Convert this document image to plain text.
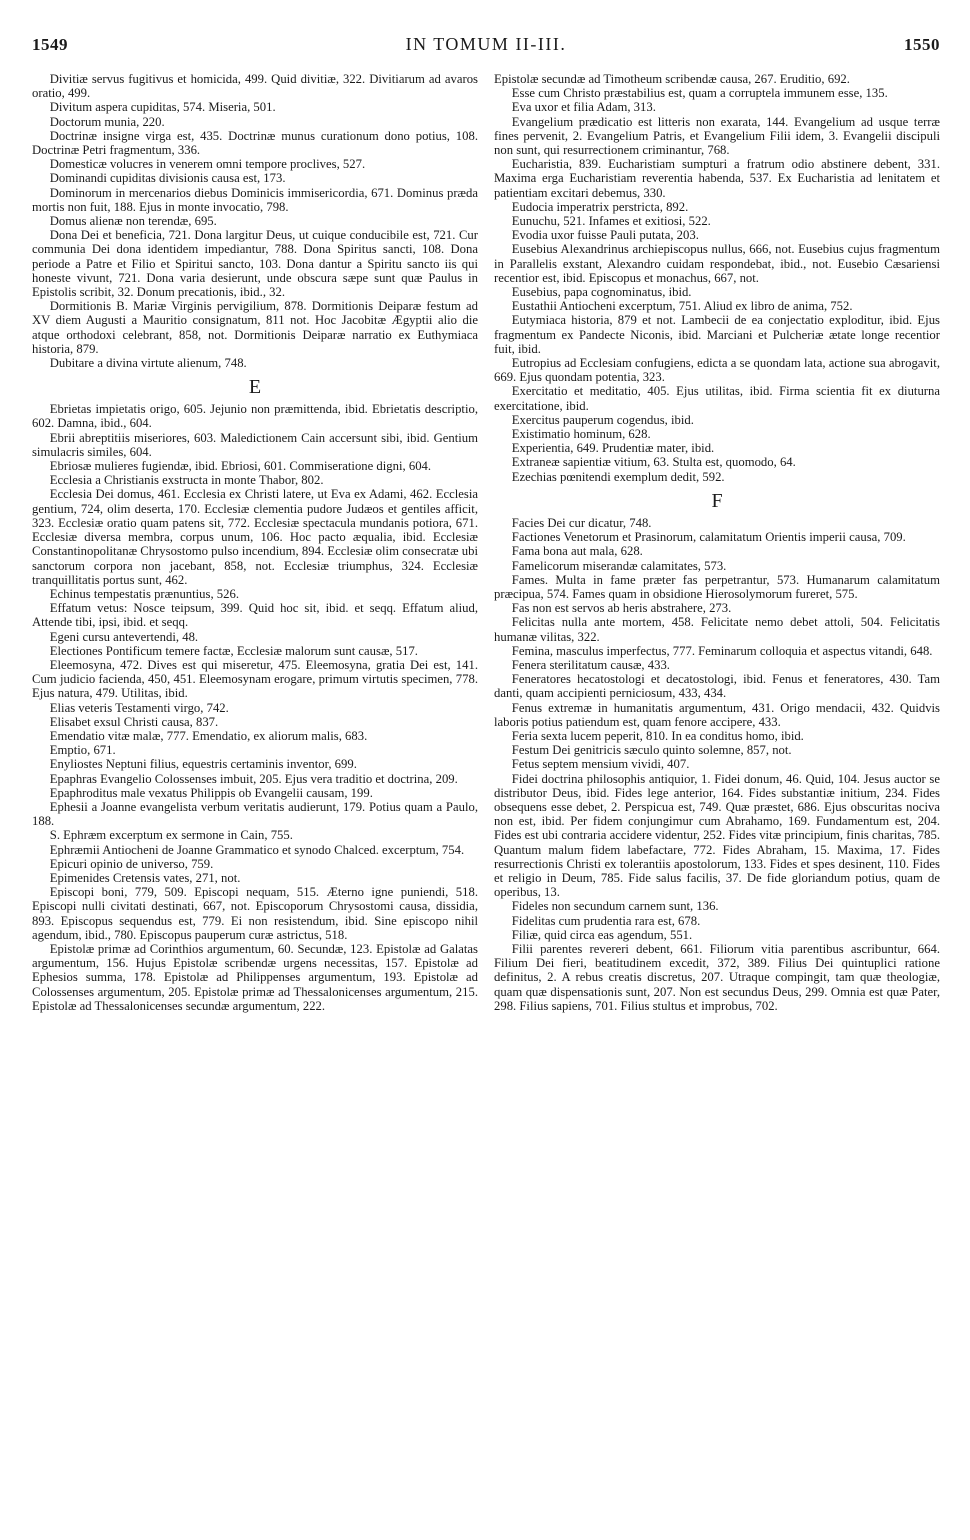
1549	IN TOMUM II-III.	1550

Divitiæ servus fugitivus et homicida, 499. Quid divitiæ, 322. Divitiarum ad avaros oratio, 499.

Divitum aspera cupiditas, 574. Miseria, 501.

Doctorum munia, 220.

Doctrinæ insigne virga est, 435. Doctrinæ munus curationum dono potius, 108. Doctrinæ Petri fragmentum, 336.

Domesticæ volucres in venerem omni tempore proclives, 527.

Dominandi cupiditas divisionis causa est, 173.

Dominorum in mercenarios diebus Dominicis immisericordia, 671. Dominus præda mortis non fuit, 188. Ejus in monte invocatio, 798.

Domus alienæ non terendæ, 695.

Dona Dei et beneficia, 721. Dona largitur Deus, ut cuique conducibile est, 721. Cur communia Dei dona identidem impediantur, 788. Dona Spiritus sancti, 108. Dona periode a Patre et Filio et Spiritui sancto, 103. Dona dantur a Spiritu sancto iis qui honeste vivunt, 721. Dona varia desierunt, unde obscura sæpe sunt quæ Paulus in Epistolis scribit, 32. Donum precationis, ibid., 32.

Dormitionis B. Mariæ Virginis pervigilium, 878. Dormitionis Deiparæ festum ad XV diem Augusti a Mauritio consignatum, 811 not. Hoc Jacobitæ Ægyptii alio die atque orthodoxi celebrant, 858, not. Dormitionis Deiparæ narratio ex Euthymiaca historia, 879.

Dubitare a divina virtute alienum, 748.

E

Ebrietas impietatis origo, 605. Jejunio non præmittenda, ibid. Ebrietatis descriptio, 602. Damna, ibid., 604.

Ebrii abreptitiis miseriores, 603. Maledictionem Cain accersunt sibi, ibid. Gentium simulacris similes, 604.

Ebriosæ mulieres fugiendæ, ibid. Ebriosi, 601. Commiseratione digni, 604.

Ecclesia a Christianis exstructa in monte Thabor, 802.

Ecclesia Dei domus, 461. Ecclesia ex Christi latere, ut Eva ex Adami, 462. Ecclesia gentium, 724, olim deserta, 170. Ecclesiæ clementia pudore Judæos et gentiles afficit, 323. Ecclesiæ oratio quam patens sit, 772. Ecclesiæ spectacula mundanis potiora, 671. Ecclesiæ diversa membra, corpus unum, 106. Hoc pacto æqualia, ibid. Ecclesiæ Constantinopolitanæ Chrysostomo pulso incendium, 894. Ecclesiæ olim consecratæ ubi sanctorum corpora non jacebant, 858, not. Ecclesiæ triumphus, 324. Ecclesiæ tranquillitatis portus sunt, 462.

Echinus tempestatis prænuntius, 526.

Effatum vetus: Nosce teipsum, 399. Quid hoc sit, ibid. et seqq. Effatum aliud, Attende tibi, ipsi, ibid. et seqq.

Egeni cursu antevertendi, 48.

Electiones Pontificum temere factæ, Ecclesiæ malorum sunt causæ, 517.

Eleemosyna, 472. Dives est qui miseretur, 475. Eleemosyna, gratia Dei est, 141. Cum judicio facienda, 450, 451. Eleemosynam erogare, primum virtutis specimen, 778. Ejus natura, 479. Utilitas, ibid.

Elias veteris Testamenti virgo, 742.

Elisabet exsul Christi causa, 837.

Emendatio vitæ malæ, 777. Emendatio, ex aliorum malis, 683.

Emptio, 671.

Enyliostes Neptuni filius, equestris certaminis inventor, 699.

Epaphras Evangelio Colossenses imbuit, 205. Ejus vera traditio et doctrina, 209.

Epaphroditus male vexatus Philippis ob Evangelii causam, 199.

Ephesii a Joanne evangelista verbum veritatis audierunt, 179. Potius quam a Paulo, 188.

S. Ephræm excerptum ex sermone in Cain, 755.

Ephræmii Antiocheni de Joanne Grammatico et synodo Chalced. excerptum, 754.

Epicuri opinio de universo, 759.

Epimenides Cretensis vates, 271, not.

Episcopi boni, 779, 509. Episcopi nequam, 515. Æterno igne puniendi, 518. Episcopi nulli civitati destinati, 667, not. Episcoporum Chrysostomi causa, dissidia, 893. Episcopus sequendus est, 779. Ei non resistendum, ibid. Sine episcopo nihil agendum, ibid., 780. Episcopus pauperum curæ astrictus, 518.

Epistolæ primæ ad Corinthios argumentum, 60. Secundæ, 123. Epistolæ ad Galatas argumentum, 156. Hujus Epistolæ scribendæ urgens necessitas, 157. Epistolæ ad Ephesios summa, 178. Epistolæ ad Philippenses argumentum, 193. Epistolæ ad Colossenses argumentum, 205. Epistolæ primæ ad Thessalonicenses argumentum, 215. Epistolæ ad Thessalonicenses secundæ argumentum, 222.

Epistolæ secundæ ad Timotheum scribendæ causa, 267. Eruditio, 692.

Esse cum Christo præstabilius est, quam a corruptela immunem esse, 135.

Eva uxor et filia Adam, 313.

Evangelium prædicatio est litteris non exarata, 144. Evangelium ad usque terræ fines pervenit, 2. Evangelium Patris, et Evangelium Filii idem, 3. Evangelii discipuli non sunt, qui resurrectionem criminantur, 768.

Eucharistia, 839. Eucharistiam sumpturi a fratrum odio abstinere debent, 331. Maxima erga Eucharistiam reverentia habenda, 537. Ex Eucharistia ad lenitatem et patientiam excitari debemus, 330.

Eudocia imperatrix perstricta, 892.

Eunuchu, 521. Infames et exitiosi, 522.

Evodia uxor fuisse Pauli putata, 203.

Eusebius Alexandrinus archiepiscopus nullus, 666, not. Eusebius cujus fragmentum in Parallelis exstant, Alexandro cuidam respondebat, ibid., not. Eusebio Cæsariensi recentior est, ibid. Episcopus et monachus, 667, not.

Eusebius, papa cognominatus, ibid.

Eustathii Antiocheni excerptum, 751. Aliud ex libro de anima, 752.

Eutymiaca historia, 879 et not. Lambecii de ea conjectatio exploditur, ibid. Ejus fragmentum ex Pandecte Niconis, ibid. Marciani et Pulcheriæ ætate longe recentior fuit, ibid.

Eutropius ad Ecclesiam confugiens, edicta a se quondam lata, actione sua abrogavit, 669. Ejus quondam potentia, 323.

Exercitatio et meditatio, 405. Ejus utilitas, ibid. Firma scientia fit ex diuturna exercitatione, ibid.

Exercitus pauperum cogendus, ibid.

Existimatio hominum, 628.

Experientia, 649. Prudentiæ mater, ibid.

Extraneæ sapientiæ vitium, 63. Stulta est, quomodo, 64.

Ezechias pœnitendi exemplum dedit, 592.

F

Facies Dei cur dicatur, 748.

Factiones Venetorum et Prasinorum, calamitatum Orientis imperii causa, 709.

Fama bona aut mala, 628.

Famelicorum miserandæ calamitates, 573.

Fames. Multa in fame præter fas perpetrantur, 573. Humanarum calamitatum præcipua, 574. Fames quam in obsidione Hierosolymorum fureret, 575.

Fas non est servos ab heris abstrahere, 273.

Felicitas nulla ante mortem, 458. Felicitate nemo debet attoli, 504. Felicitatis humanæ vilitas, 322.

Femina, masculus imperfectus, 777. Feminarum colloquia et aspectus vitandi, 648.

Fenera sterilitatum causæ, 433.

Feneratores hecatostologi et decatostologi, ibid. Fenus et feneratores, 430. Tam danti, quam accipienti perniciosum, 433, 434.

Fenus extremæ in humanitatis argumentum, 431. Origo mendacii, 432. Quidvis laboris potius patiendum est, quam fenore accipere, 433.

Feria sexta lucem peperit, 810. In ea conditus homo, ibid.

Festum Dei genitricis sæculo quinto solemne, 857, not.

Fetus septem mensium vividi, 407.

Fidei doctrina philosophis antiquior, 1. Fidei donum, 46. Quid, 104. Jesus auctor se distributor Deus, ibid. Fides lege anterior, 164. Fides substantiæ initium, 234. Fides obsequens esse debet, 2. Perspicua est, 749. Quæ præstet, 686. Ejus obscuritas nociva non est, ibid. Per fidem conjungimur cum Abrahamo, 169. Fundamentum est, 204. Fides est ubi contraria accidere videntur, 252. Fides vitæ principium, finis charitas, 785. Quantum malum fidem labefactare, 772. Fides Abraham, 15. Maxima, 17. Fides resurrectionis Christi ex tolerantiis apostolorum, 133. Fides et spes desinent, 110. Fides et religio in Deum, 785. Fide salus facilis, 37. De fide gloriandum potius, quam de operibus, 13.

Fideles non secundum carnem sunt, 136.

Fidelitas cum prudentia rara est, 678.

Filiæ, quid circa eas agendum, 551.

Filii parentes revereri debent, 661. Filiorum vitia parentibus ascribuntur, 664. Filium Dei fieri, beatitudinem excedit, 372, 389. Filius Dei quintuplici ratione definitus, 2. A rebus creatis discretus, 207. Utraque compingit, tam quæ theologiæ, quam quæ dispensationis sunt, 207. Non est secundus Deus, 299. Omnia est quæ Pater, 298. Filius sapiens, 701. Filius stultus et improbus, 702.
